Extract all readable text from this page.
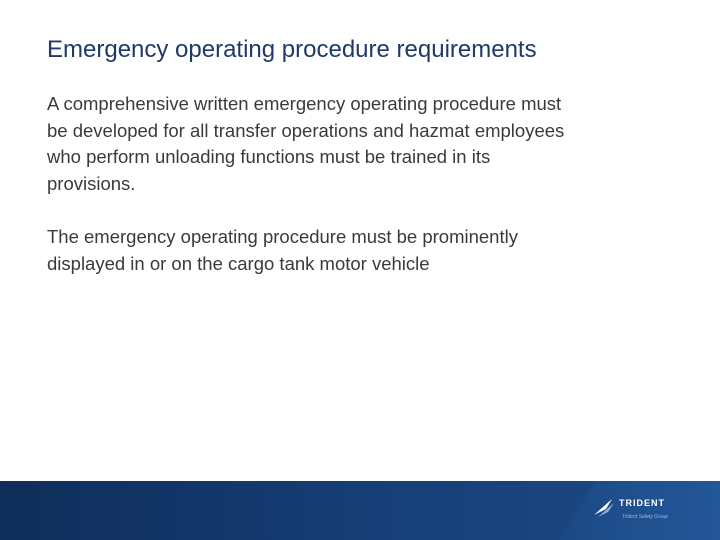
Emergency operating procedure requirements

A comprehensive written emergency operating procedure must
be developed for all transfer operations and hazmat employees
who perform unloading functions must be trained in its
provisions.

The emergency operating procedure must be prominently
displayed in or on the cargo tank motor vehicle

TRIDENT
Trident Safety Group
